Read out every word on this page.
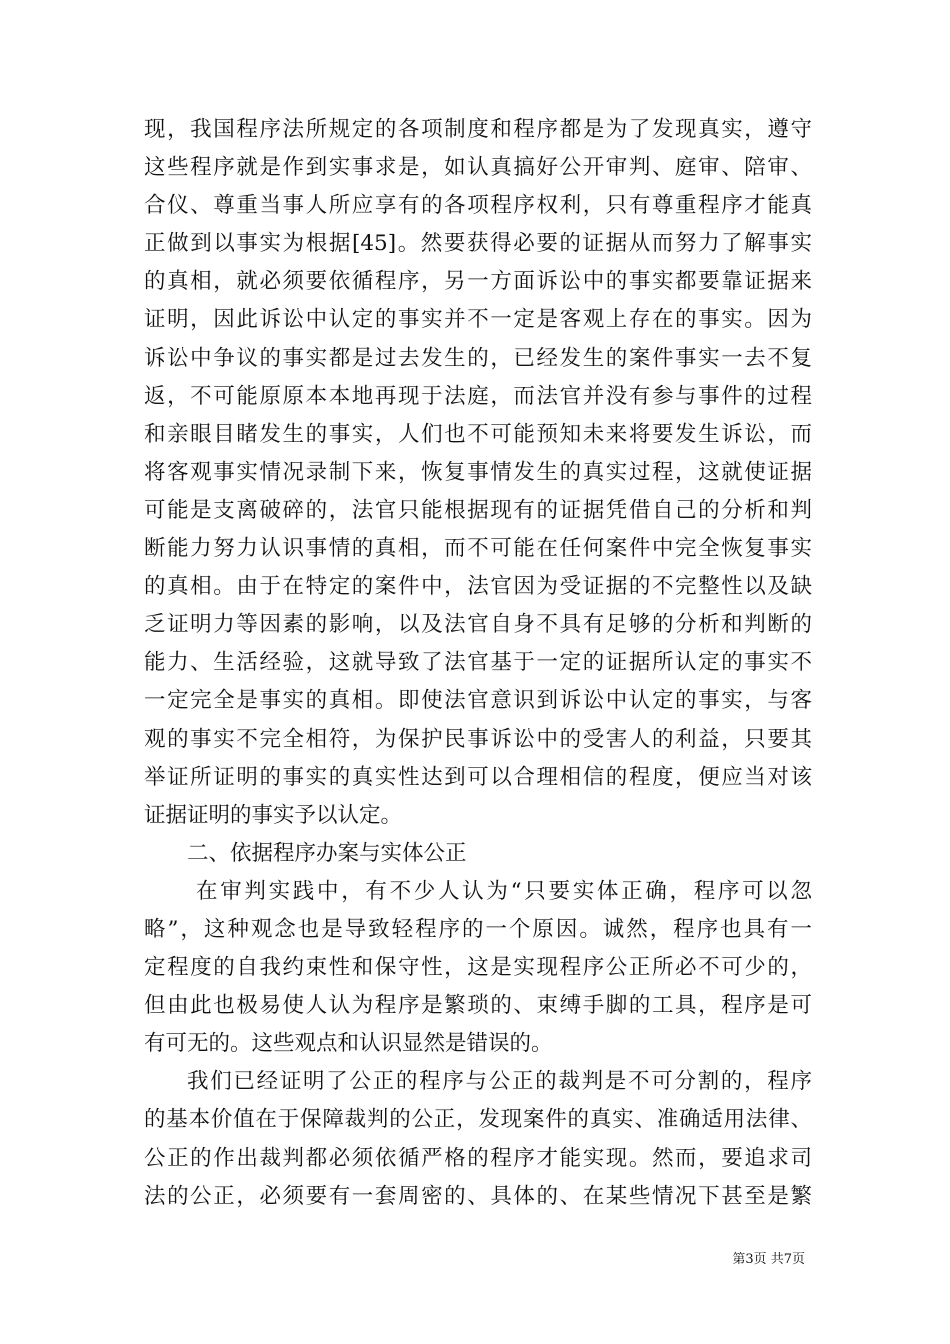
现，我国程序法所规定的各项制度和程序都是为了发现真实，遵守
这些程序就是作到实事求是，如认真搞好公开审判、庭审、陪审、
合仪、尊重当事人所应享有的各项程序权利，只有尊重程序才能真
正做到以事实为根据[45]。然要获得必要的证据从而努力了解事实
的真相，就必须要依循程序，另一方面诉讼中的事实都要靠证据来
证明，因此诉讼中认定的事实并不一定是客观上存在的事实。因为
诉讼中争议的事实都是过去发生的，已经发生的案件事实一去不复
返，不可能原原本本地再现于法庭，而法官并没有参与事件的过程
和亲眼目睹发生的事实，人们也不可能预知未来将要发生诉讼，而
将客观事实情况录制下来，恢复事情发生的真实过程，这就使证据
可能是支离破碎的，法官只能根据现有的证据凭借自己的分析和判
断能力努力认识事情的真相，而不可能在任何案件中完全恢复事实
的真相。由于在特定的案件中，法官因为受证据的不完整性以及缺
乏证明力等因素的影响，以及法官自身不具有足够的分析和判断的
能力、生活经验，这就导致了法官基于一定的证据所认定的事实不
一定完全是事实的真相。即使法官意识到诉讼中认定的事实，与客
观的事实不完全相符，为保护民事诉讼中的受害人的利益，只要其
举证所证明的事实的真实性达到可以合理相信的程度，便应当对该
证据证明的事实予以认定。
二、依据程序办案与实体公正
在审判实践中，有不少人认为“只要实体正确，程序可以忽
略”，这种观念也是导致轻程序的一个原因。诚然，程序也具有一
定程度的自我约束性和保守性，这是实现程序公正所必不可少的，
但由此也极易使人认为程序是繁琐的、束缚手脚的工具，程序是可
有可无的。这些观点和认识显然是错误的。
我们已经证明了公正的程序与公正的裁判是不可分割的，程序
的基本价值在于保障裁判的公正，发现案件的真实、准确适用法律、
公正的作出裁判都必须依循严格的程序才能实现。然而，要追求司
法的公正，必须要有一套周密的、具体的、在某些情况下甚至是繁
第3页 共7页
